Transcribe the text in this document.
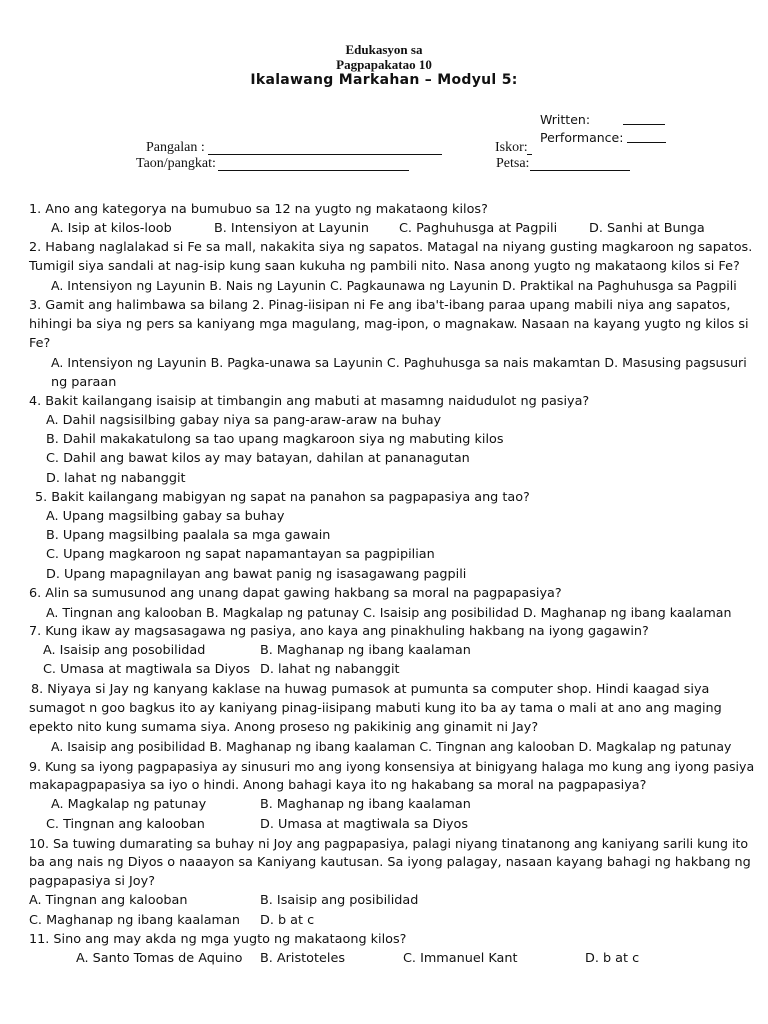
Edukasyon sa
Pagpapakatao 10
Ikalawang Markahan – Modyul 5:
Written:
Performance:
Pangalan :	Iskor:
Taon/pangkat:	Petsa:
1. Ano ang kategorya na bumubuo sa 12 na yugto ng makataong kilos?
A. Isip at kilos-loob	B. Intensiyon at Layunin C. Paghuhusga at Pagpili D. Sanhi at Bunga
2. Habang naglalakad si Fe sa mall, nakakita siya ng sapatos. Matagal na niyang gusting magkaroon ng sapatos.
Tumigil siya sandali at nag-isip kung saan kukuha ng pambili nito. Nasa anong yugto ng makataong kilos si Fe?
A. Intensiyon ng Layunin B. Nais ng Layunin C. Pagkaunawa ng Layunin D. Praktikal na Paghuhusga sa Pagpili
3. Gamit ang halimbawa sa bilang 2. Pinag-iisipan ni Fe ang iba't-ibang paraa upang mabili niya ang sapatos,
hihingi ba siya ng pers sa kaniyang mga magulang, mag-ipon, o magnakaw. Nasaan na kayang yugto ng kilos si
Fe?
A. Intensiyon ng Layunin B. Pagka-unawa sa Layunin C. Paghuhusga sa nais makamtan D. Masusing pagsusuri
ng paraan
4. Bakit kailangang isaisip at timbangin ang mabuti at masamng naidudulot ng pasiya?
A. Dahil nagsisilbing gabay niya sa pang-araw-araw na buhay
B. Dahil makakatulong sa tao upang magkaroon siya ng mabuting kilos
C. Dahil ang bawat kilos ay may batayan, dahilan at pananagutan
D. lahat ng nabanggit
5. Bakit kailangang mabigyan ng sapat na panahon sa pagpapasiya ang tao?
A. Upang magsilbing gabay sa buhay
B. Upang magsilbing paalala sa mga gawain
C. Upang magkaroon ng sapat napamantayan sa pagpipilian
D. Upang mapagnilayan ang bawat panig ng isasagawang pagpili
6. Alin sa sumusunod ang unang dapat gawing hakbang sa moral na pagpapasiya?
A. Tingnan ang kalooban B. Magkalap ng patunay C. Isaisip ang posibilidad D. Maghanap ng ibang kaalaman
7. Kung ikaw ay magsasagawa ng pasiya, ano kaya ang pinakhuling hakbang na iyong gagawin?
A. Isaisip ang posobilidad	B. Maghanap ng ibang kaalaman
C. Umasa at magtiwala sa Diyos D. lahat ng nabanggit
8. Niyaya si Jay ng kanyang kaklase na huwag pumasok at pumunta sa computer shop. Hindi kaagad siya
sumagot n goo bagkus ito ay kaniyang pinag-iisipang mabuti kung ito ba ay tama o mali at ano ang maging
epekto nito kung sumama siya. Anong proseso ng pakikinig ang ginamit ni Jay?
A. Isaisip ang posibilidad B. Maghanap ng ibang kaalaman C. Tingnan ang kalooban D. Magkalap ng patunay
9. Kung sa iyong pagpapasiya ay sinusuri mo ang iyong konsensiya at binigyang halaga mo kung ang iyong pasiya
makapagpapasiya sa iyo o hindi. Anong bahagi kaya ito ng hakabang sa moral na pagpapasiya?
A. Magkalap ng patunay	B. Maghanap ng ibang kaalaman
C. Tingnan ang kalooban	D. Umasa at magtiwala sa Diyos
10. Sa tuwing dumarating sa buhay ni Joy ang pagpapasiya, palagi niyang tinatanong ang kaniyang sarili kung ito
ba ang nais ng Diyos o naaayon sa Kaniyang kautusan. Sa iyong palagay, nasaan kayang bahagi ng hakbang ng
pagpapasiya si Joy?
A. Tingnan ang kalooban	B. Isaisip ang posibilidad
C. Maghanap ng ibang kaalaman D. b at c
11. Sino ang may akda ng mga yugto ng makataong kilos?
A. Santo Tomas de Aquino B. Aristoteles	C. Immanuel Kant	D. b at c
